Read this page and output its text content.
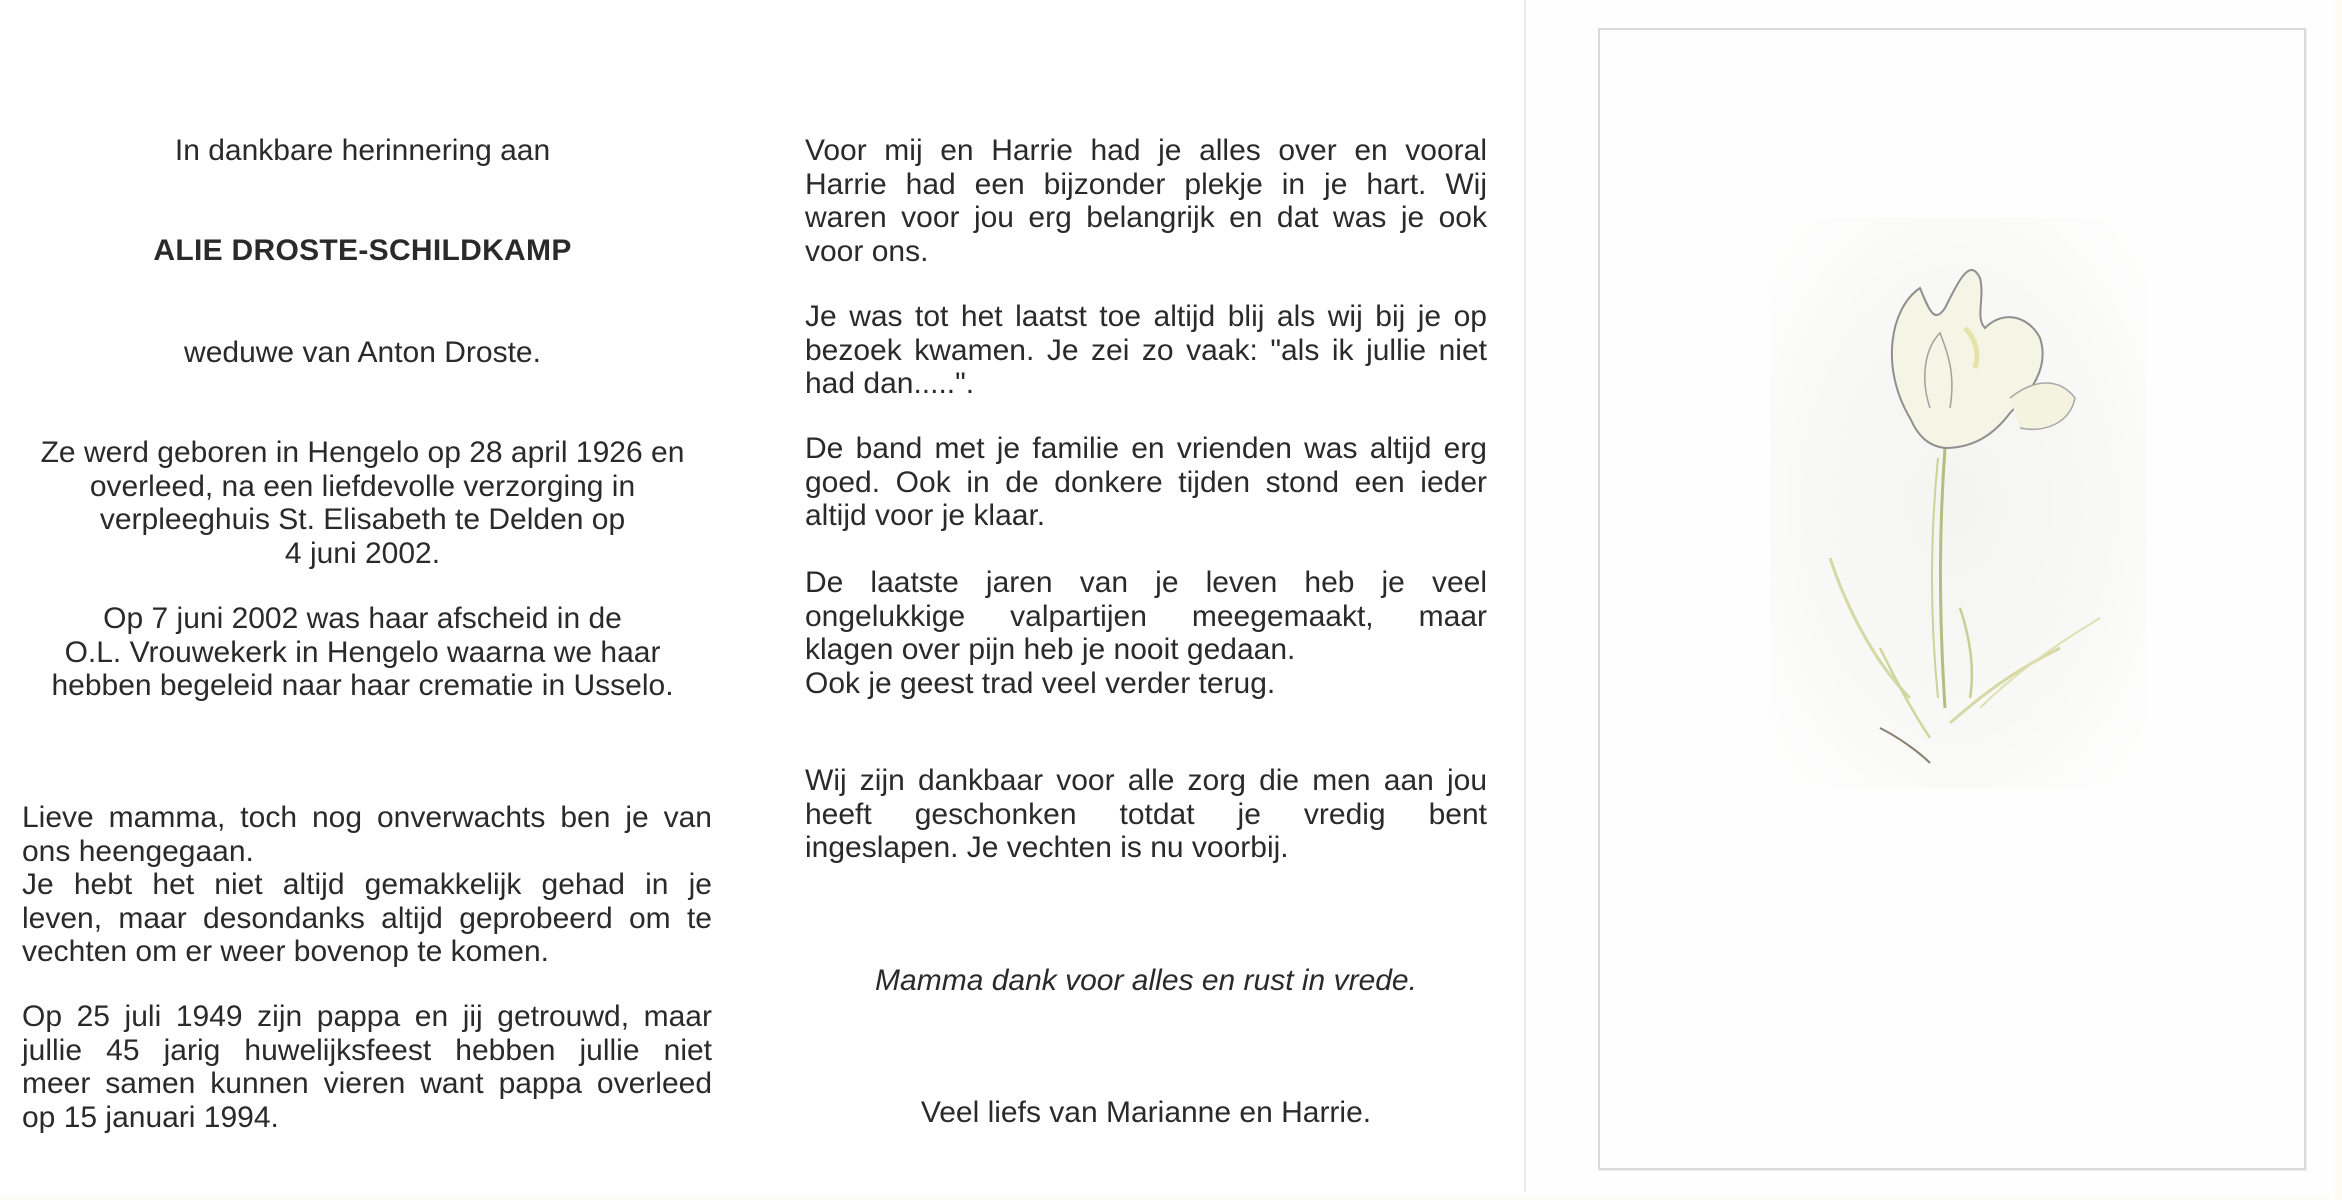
In dankbare herinnering aan

ALIE DROSTE-SCHILDKAMP

weduwe van Anton Droste.

Ze werd geboren in Hengelo op 28 april 1926 en
overleed, na een liefdevolle verzorging in
verpleeghuis St. Elisabeth te Delden op
4 juni 2002.
Op 7 juni 2002 was haar afscheid in de
O.L. Vrouwekerk in Hengelo waarna we haar
hebben begeleid naar haar crematie in Usselo.
Lieve mamma, toch nog onverwachts ben je van
ons heengegaan.
Je hebt het niet altijd gemakkelijk gehad in je
leven, maar desondanks altijd geprobeerd om te
vechten om er weer bovenop te komen.
Op 25 juli 1949 zijn pappa en jij getrouwd, maar
jullie 45 jarig huwelijksfeest hebben jullie niet
meer samen kunnen vieren want pappa overleed
op 15 januari 1994.
Voor mij en Harrie had je alles over en vooral
Harrie had een bijzonder plekje in je hart. Wij
waren voor jou erg belangrijk en dat was je ook
voor ons.
Je was tot het laatst toe altijd blij als wij bij je op
bezoek kwamen. Je zei zo vaak: "als ik jullie niet
had dan.....".
De band met je familie en vrienden was altijd erg
goed. Ook in de donkere tijden stond een ieder
altijd voor je klaar.
De laatste jaren van je leven heb je veel
ongelukkige valpartijen meegemaakt, maar
klagen over pijn heb je nooit gedaan.
Ook je geest trad veel verder terug.
Wij zijn dankbaar voor alle zorg die men aan jou
heeft geschonken totdat je vredig bent
ingeslapen. Je vechten is nu voorbij.

Mamma dank voor alles en rust in vrede.

Veel liefs van Marianne en Harrie.
